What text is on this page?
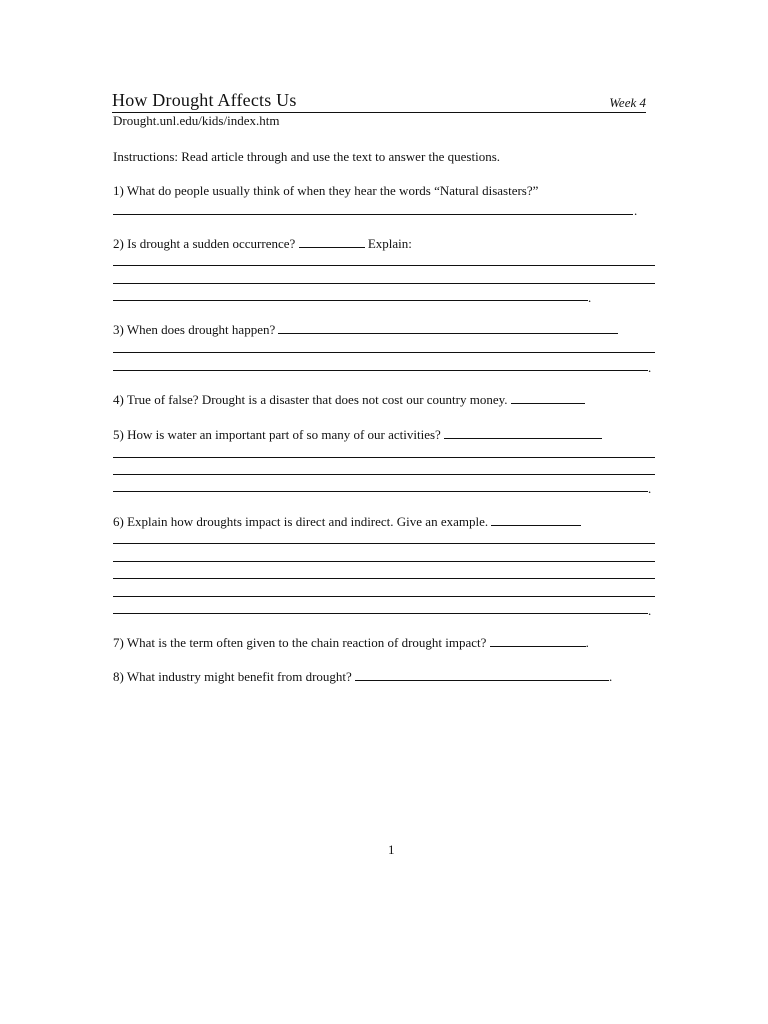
How Drought Affects Us	Week 4
Drought.unl.edu/kids/index.htm
Instructions: Read article through and use the text to answer the questions.
1) What do people usually think of when they hear the words “Natural disasters?”
.
2) Is drought a sudden occurrence?	Explain:
.
3) When does drought happen?
.
4) True of false? Drought is a disaster that does not cost our country money.
5) How is water an important part of so many of our activities?
.
6) Explain how droughts impact is direct and indirect. Give an example.
.
7) What is the term often given to the chain reaction of drought impact?	.
8) What industry might benefit from drought?	.
1
